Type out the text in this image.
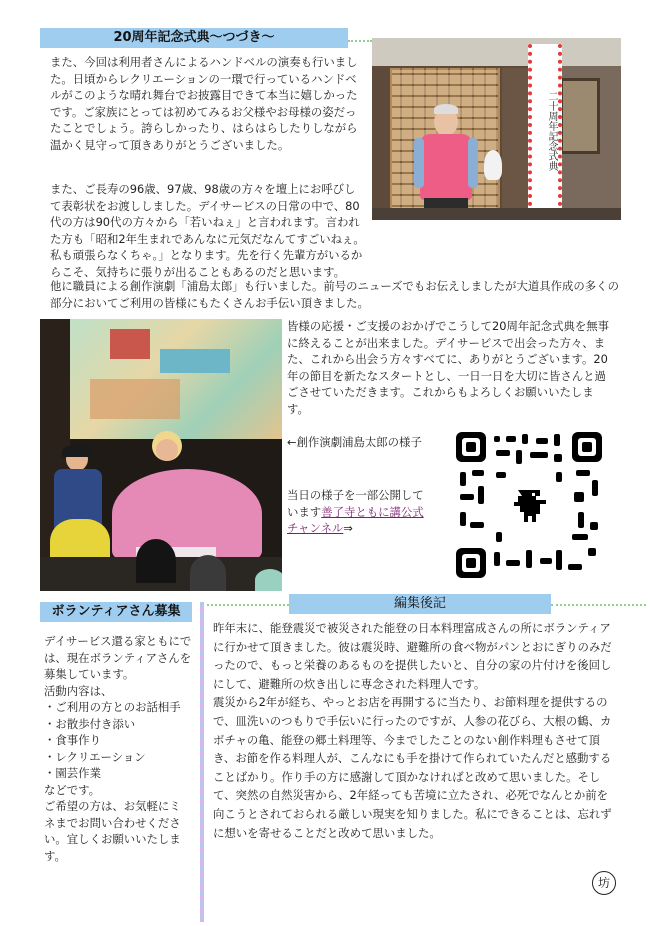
20周年記念式典～つづき～

また、今回は利用者さんによるハンドベルの演奏も行いました。日頃からレクリエーションの一環で行っているハンドベルがこのような晴れ舞台でお披露目できて本当に嬉しかったです。ご家族にとっては初めてみるお父様やお母様の姿だったことでしょう。誇らしかったり、はらはらしたりしながら温かく見守って頂きありがとうございました。	二十周年記念式典

また、ご長寿の96歳、97歳、98歳の方々を壇上にお呼びして表彰状をお渡ししました。デイサービスの日常の中で、80代の方は90代の方々から「若いねぇ」と言われます。言われた方も「昭和2年生まれであんなに元気だなんてすごいねぇ。私も頑張らなくちゃ。」となります。先を行く先輩方がいるからこそ、気持ちに張りが出ることもあるのだと思います。

他に職員による創作演劇「浦島太郎」も行いました。前号のニューズでもお伝えしましたが大道具作成の多くの部分においてご利用の皆様にもたくさんお手伝い頂きました。

皆様の応援・ご支援のおかげでこうして20周年記念式典を無事に終えることが出来ました。デイサービスで出会った方々、また、これから出会う方々すべてに、ありがとうございます。20年の節目を新たなスタートとし、一日一日を大切に皆さんと過ごさせていただきます。これからもよろしくお願いいたします。

←創作演劇浦島太郎の様子

当日の様子を一部公開しています善了寺ともに講公式チャンネル⇒
ボランティアさん募集

デイサービス還る家ともにでは、現在ボランティアさんを募集しています。

活動内容は、

・ご利用の方とのお話相手

・お散歩付き添い

・食事作り

・レクリエーション

・園芸作業

などです。

ご希望の方は、お気軽にミネまでお問い合わせください。宜しくお願いいたします。

編集後記

昨年末に、能登震災で被災された能登の日本料理富成さんの所にボランティアに行かせて頂きました。彼は震災時、避難所の食べ物がパンとおにぎりのみだったので、もっと栄養のあるものを提供したいと、自分の家の片付けを後回しにして、避難所の炊き出しに専念された料理人です。

震災から2年が経ち、やっとお店を再開するに当たり、お節料理を提供するので、皿洗いのつもりで手伝いに行ったのですが、人参の花びら、大根の鶴、カボチャの亀、能登の郷土料理等、今までしたことのない創作料理もさせて頂き、お節を作る料理人が、こんなにも手を掛けて作られていたんだと感動することばかり。作り手の方に感謝して頂かなければと改めて思いました。そして、突然の自然災害から、2年経っても苦境に立たされ、必死でなんとか前を向こうとされておられる厳しい現実を知りました。私にできることは、忘れずに想いを寄せることだと改めて思いました。

坊
